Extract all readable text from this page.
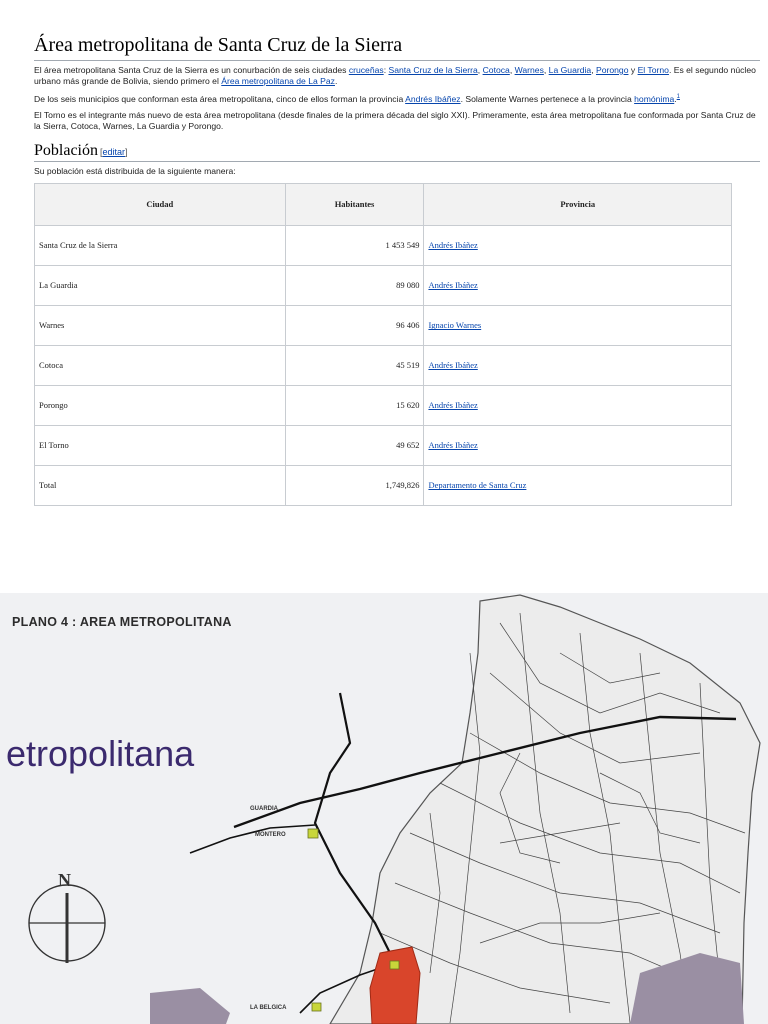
Área metropolitana de Santa Cruz de la Sierra

El área metropolitana Santa Cruz de la Sierra es un conurbación de seis ciudades cruceñas: Santa Cruz de la Sierra, Cotoca, Warnes, La Guardia, Porongo y El Torno. Es el segundo núcleo urbano más grande de Bolivia, siendo primero el Área metropolitana de La Paz.

De los seis municipios que conforman esta área metropolitana, cinco de ellos forman la provincia Andrés Ibáñez. Solamente Warnes pertenece a la provincia homónima.$^1$

El Torno es el integrante más nuevo de esta área metropolitana (desde finales de la primera década del siglo XXI). Primeramente, esta área metropolitana fue conformada por Santa Cruz de la Sierra, Cotoca, Warnes, La Guardia y Porongo.

Población [editar]

Su población está distribuida de la siguiente manera:

Ciudad	Habitantes	Provincia
Santa Cruz de la Sierra	1 453 549	Andrés Ibáñez
La Guardia	89 080	Andrés Ibáñez
Warnes	96 406	Ignacio Warnes
Cotoca	45 519	Andrés Ibáñez
Porongo	15 620	Andrés Ibáñez
El Torno	49 652	Andrés Ibáñez
Total	1,749,826	Departamento de Santa Cruz
PLANO 4 : AREA METROPOLITANA
etropolitana
GUARDIA
MONTERO
LA BELGICA
N
